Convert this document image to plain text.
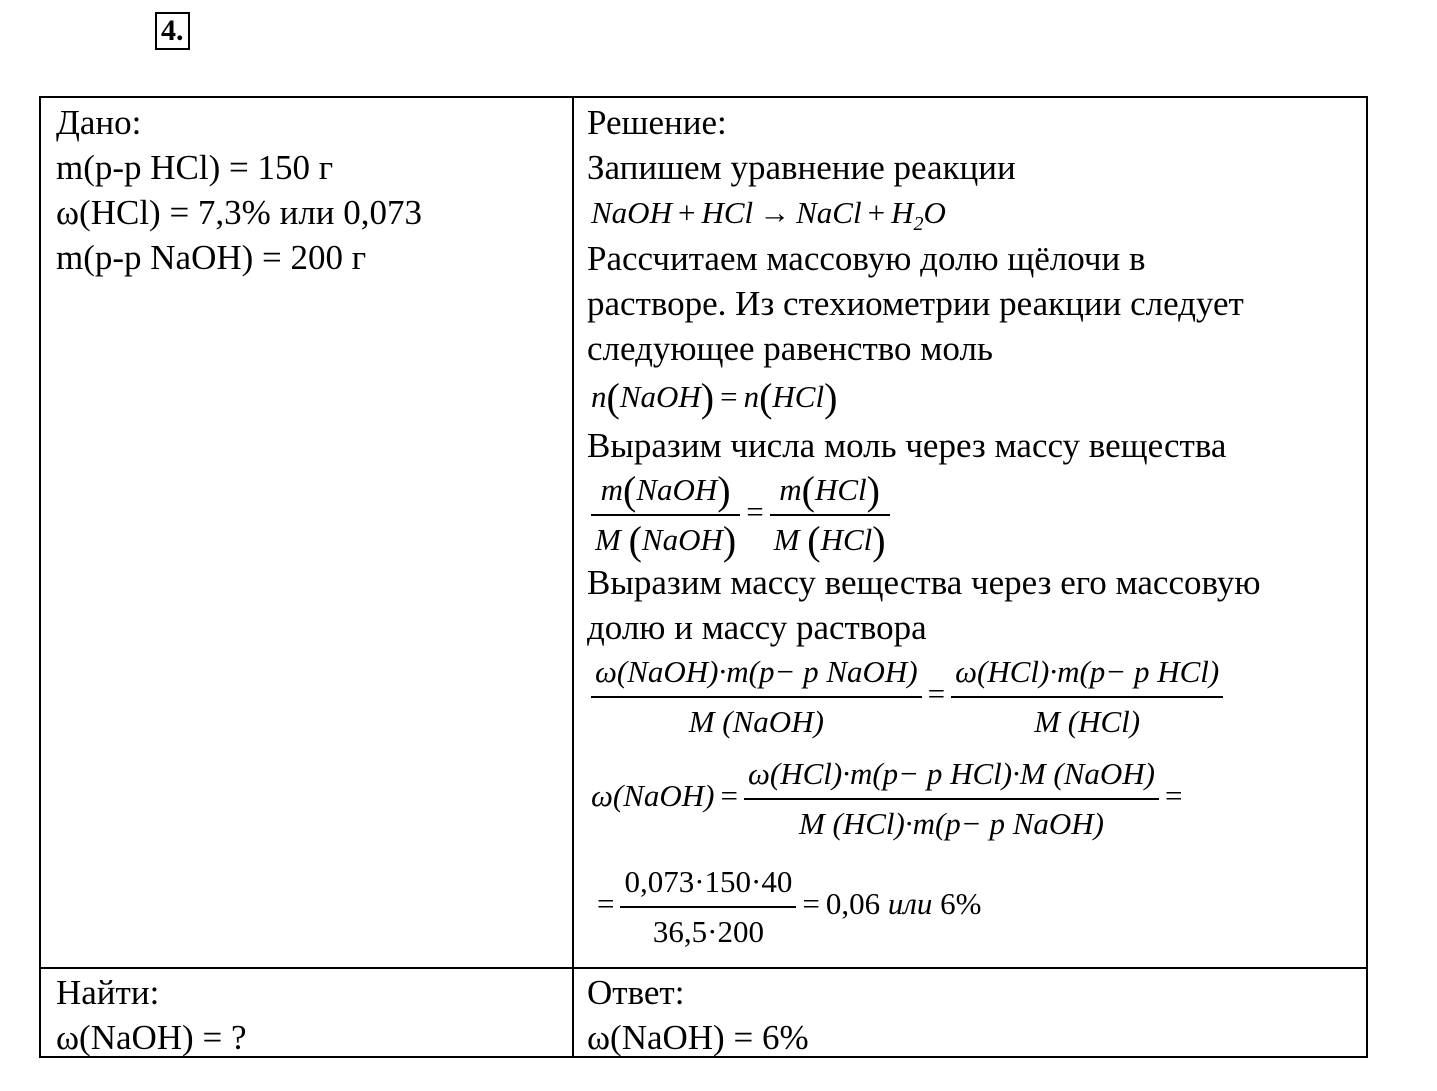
4.
Дано:
m(р-р HCl) = 150 г
ω(HCl) = 7,3% или 0,073
m(р-р NaOH) = 200 г
Решение:
Запишем уравнение реакции
NaOH + HCl → NaCl + $H_2O$
Рассчитаем массовую долю щёлочи в
растворе. Из стехиометрии реакции следует
следующее равенство моль
n(NaOH) = n(HCl)
Выразим числа моль через массу вещества
$\frac{\text{m(NaOH)}}{\text{M (NaOH)}} = \frac{\text{m(HCl)}}{\text{M (HCl)}}$
Выразим массу вещества через его массовую
долю и массу раствора
$\frac{\text{ω(NaOH)·m(p− p NaOH)}}{\text{M (NaOH)}} = \frac{\text{ω(HCl)·m(p− p HCl)}}{\text{M (HCl)}}$
ω(NaOH) = $\frac{\text{ω(HCl)·m(p− p HCl)·M (NaOH)}}{\text{M (HCl)·m(p− p NaOH)}}$ =
= $\frac{0,073\cdot 150\cdot 40}{36,5\cdot 200} = 0,06$ или 6%
Найти:
ω(NaOH) = ?
Ответ:
ω(NaOH) = 6%
